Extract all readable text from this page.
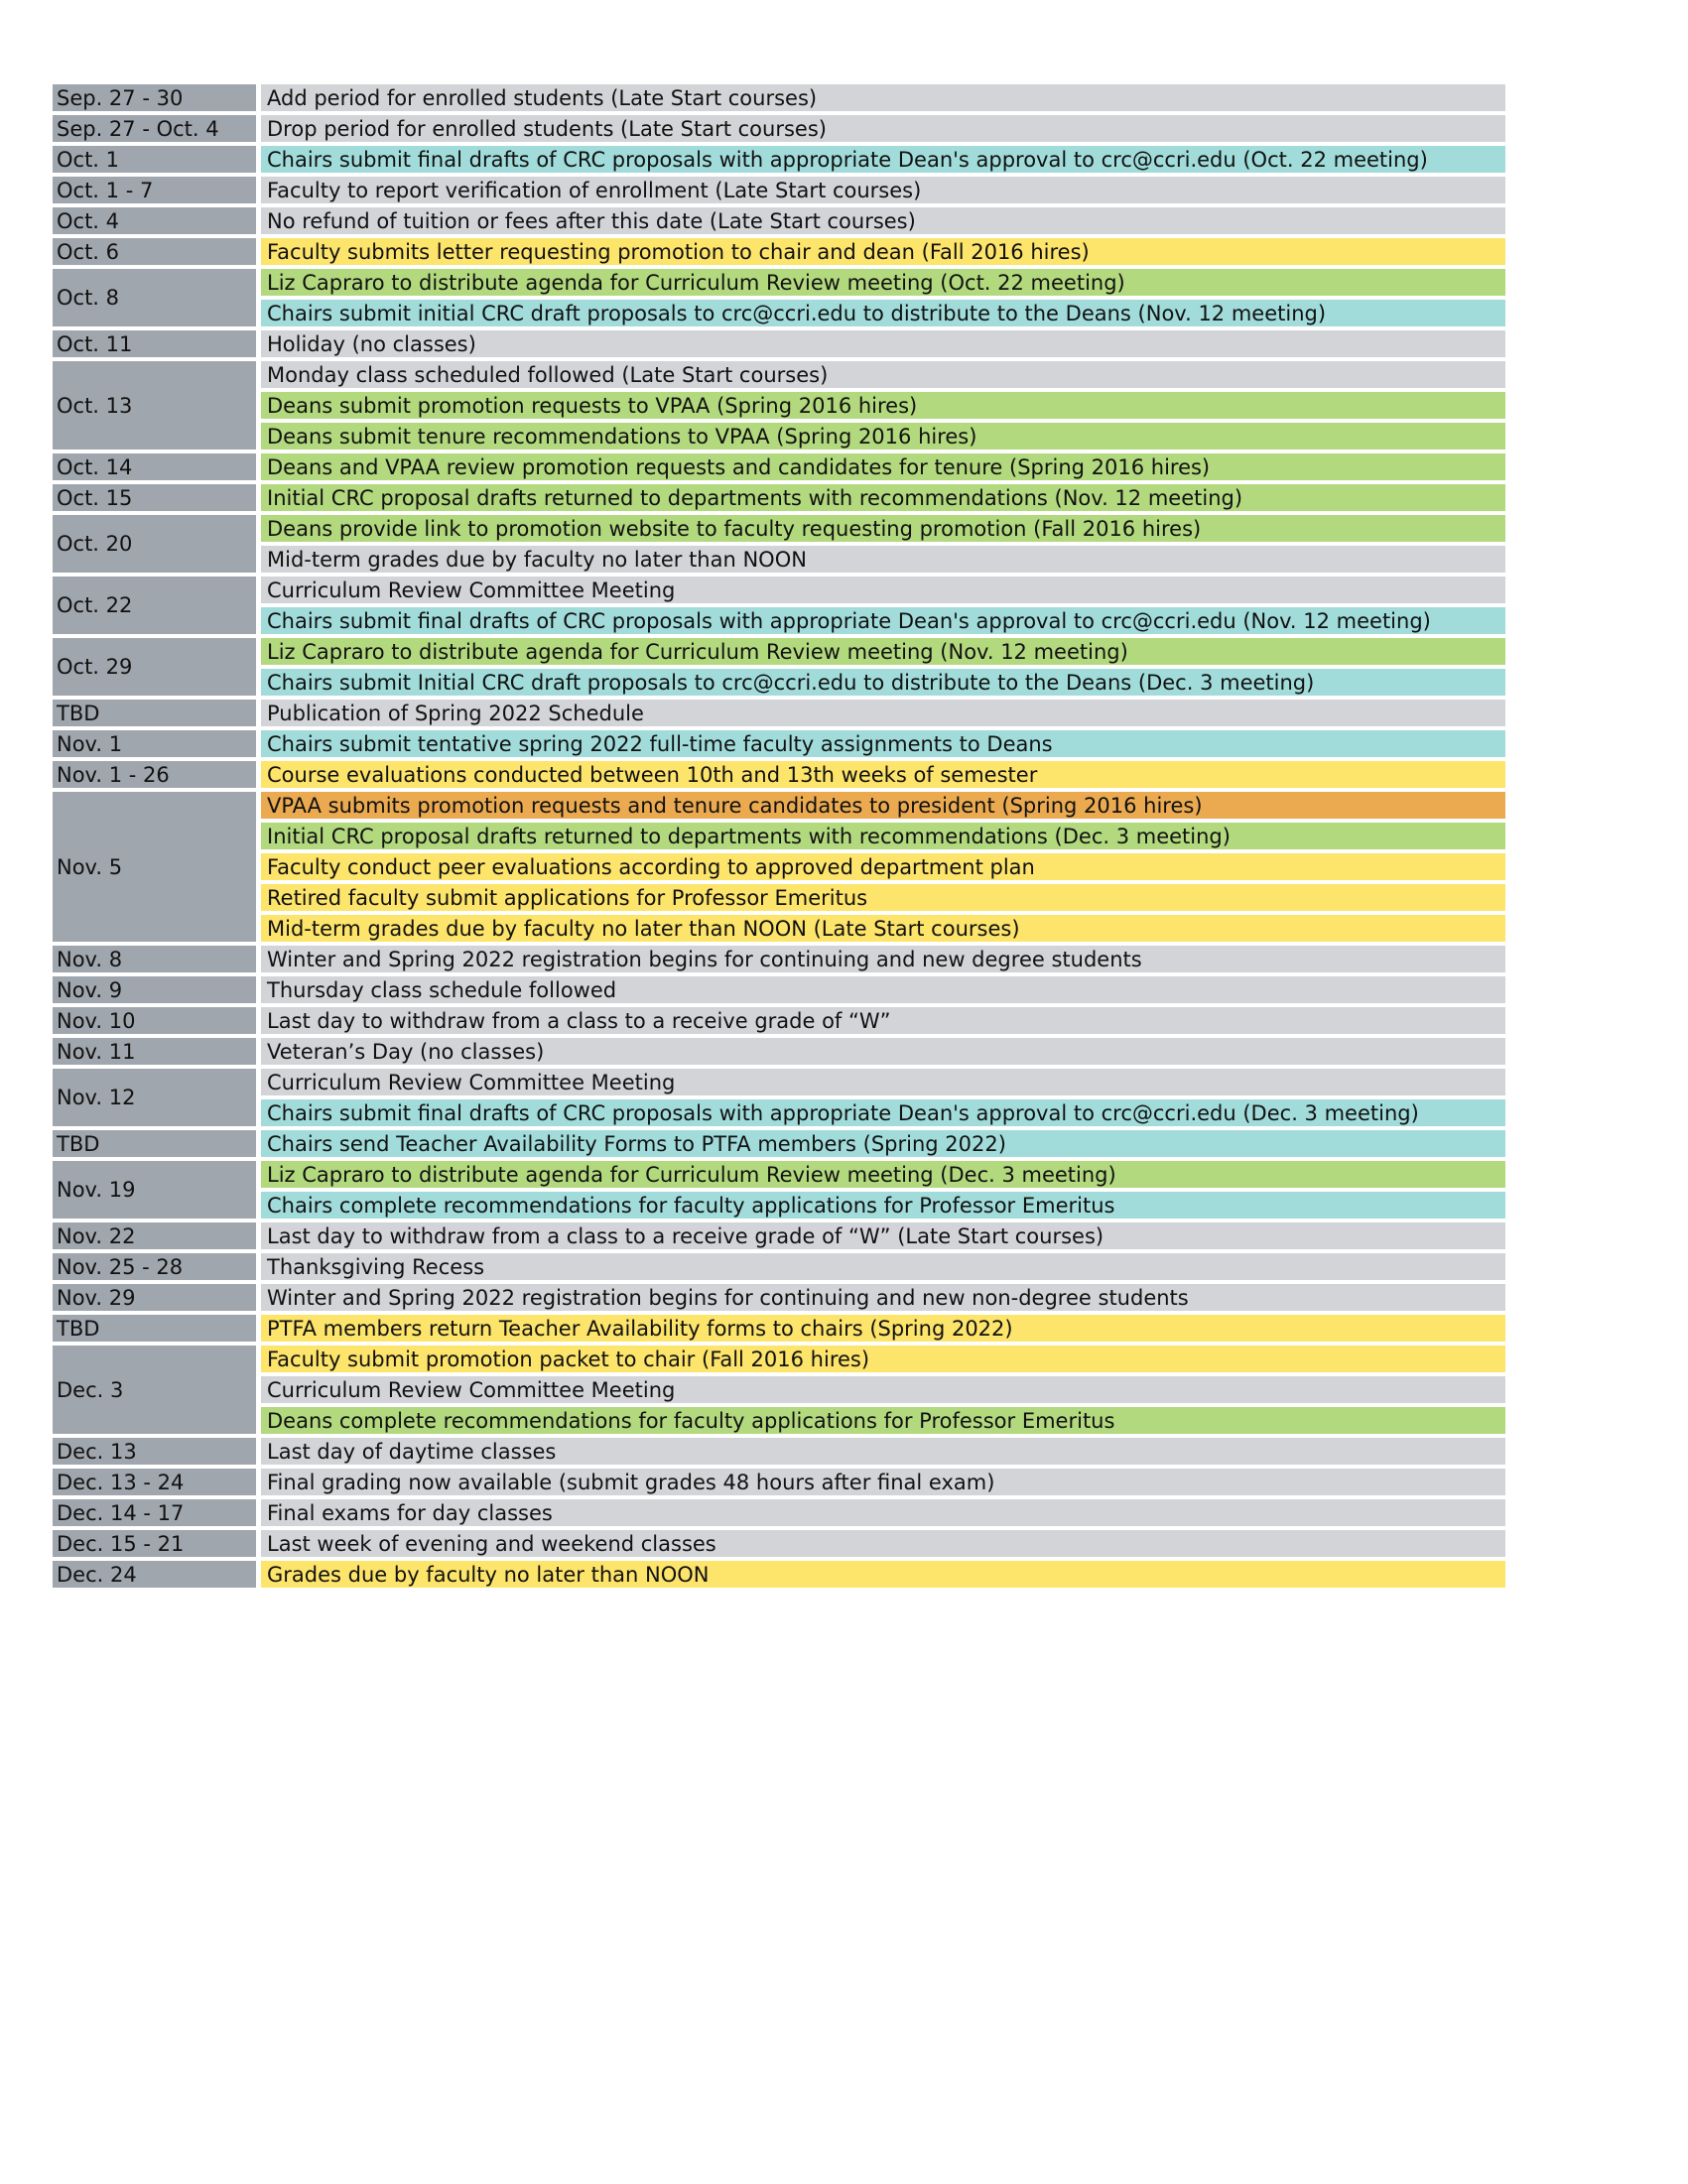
Sep. 27 - 30		Add period for enrolled students (Late Start courses)
Sep. 27 - Oct. 4		Drop period for enrolled students (Late Start courses)
Oct. 1		Chairs submit final drafts of CRC proposals with appropriate Dean's approval to crc@ccri.edu (Oct. 22 meeting)
Oct. 1 - 7		Faculty to report verification of enrollment (Late Start courses)
Oct. 4		No refund of tuition or fees after this date (Late Start courses)
Oct. 6		Faculty submits letter requesting promotion to chair and dean (Fall 2016 hires)
Oct. 8		Liz Capraro to distribute agenda for Curriculum Review meeting (Oct. 22 meeting)
		Chairs submit initial CRC draft proposals to crc@ccri.edu to distribute to the Deans (Nov. 12 meeting)
Oct. 11		Holiday (no classes)
Oct. 13		Monday class scheduled followed (Late Start courses)
		Deans submit promotion requests to VPAA (Spring 2016 hires)
		Deans submit tenure recommendations to VPAA (Spring 2016 hires)
Oct. 14		Deans and VPAA review promotion requests and candidates for tenure (Spring 2016 hires)
Oct. 15		Initial CRC proposal drafts returned to departments with recommendations (Nov. 12 meeting)
Oct. 20		Deans provide link to promotion website to faculty requesting promotion (Fall 2016 hires)
		Mid-term grades due by faculty no later than NOON
Oct. 22		Curriculum Review Committee Meeting
		Chairs submit final drafts of CRC proposals with appropriate Dean's approval to crc@ccri.edu (Nov. 12 meeting)
Oct. 29		Liz Capraro to distribute agenda for Curriculum Review meeting (Nov. 12 meeting)
		Chairs submit Initial CRC draft proposals to crc@ccri.edu to distribute to the Deans (Dec. 3 meeting)
TBD		Publication of Spring 2022 Schedule
Nov. 1		Chairs submit tentative spring 2022 full-time faculty assignments to Deans
Nov. 1 - 26		Course evaluations conducted between 10th and 13th weeks of semester
Nov. 5		VPAA submits promotion requests and tenure candidates to president (Spring 2016 hires)
		Initial CRC proposal drafts returned to departments with recommendations (Dec. 3 meeting)
		Faculty conduct peer evaluations according to approved department plan
		Retired faculty submit applications for Professor Emeritus
		Mid-term grades due by faculty no later than NOON (Late Start courses)
Nov. 8		Winter and Spring 2022 registration begins for continuing and new degree students
Nov. 9		Thursday class schedule followed
Nov. 10		Last day to withdraw from a class to a receive grade of “W”
Nov. 11		Veteran’s Day (no classes)
Nov. 12		Curriculum Review Committee Meeting
		Chairs submit final drafts of CRC proposals with appropriate Dean's approval to crc@ccri.edu (Dec. 3 meeting)
TBD		Chairs send Teacher Availability Forms to PTFA members (Spring 2022)
Nov. 19		Liz Capraro to distribute agenda for Curriculum Review meeting (Dec. 3 meeting)
		Chairs complete recommendations for faculty applications for Professor Emeritus
Nov. 22		Last day to withdraw from a class to a receive grade of “W” (Late Start courses)
Nov. 25 - 28		Thanksgiving Recess
Nov. 29		Winter and Spring 2022 registration begins for continuing and new non-degree students
TBD		PTFA members return Teacher Availability forms to chairs (Spring 2022)
Dec. 3		Faculty submit promotion packet to chair (Fall 2016 hires)
		Curriculum Review Committee Meeting
		Deans complete recommendations for faculty applications for Professor Emeritus
Dec. 13		Last day of daytime classes
Dec. 13 - 24		Final grading now available (submit grades 48 hours after final exam)
Dec. 14 - 17		Final exams for day classes
Dec. 15 - 21		Last week of evening and weekend classes
Dec. 24		Grades due by faculty no later than NOON
